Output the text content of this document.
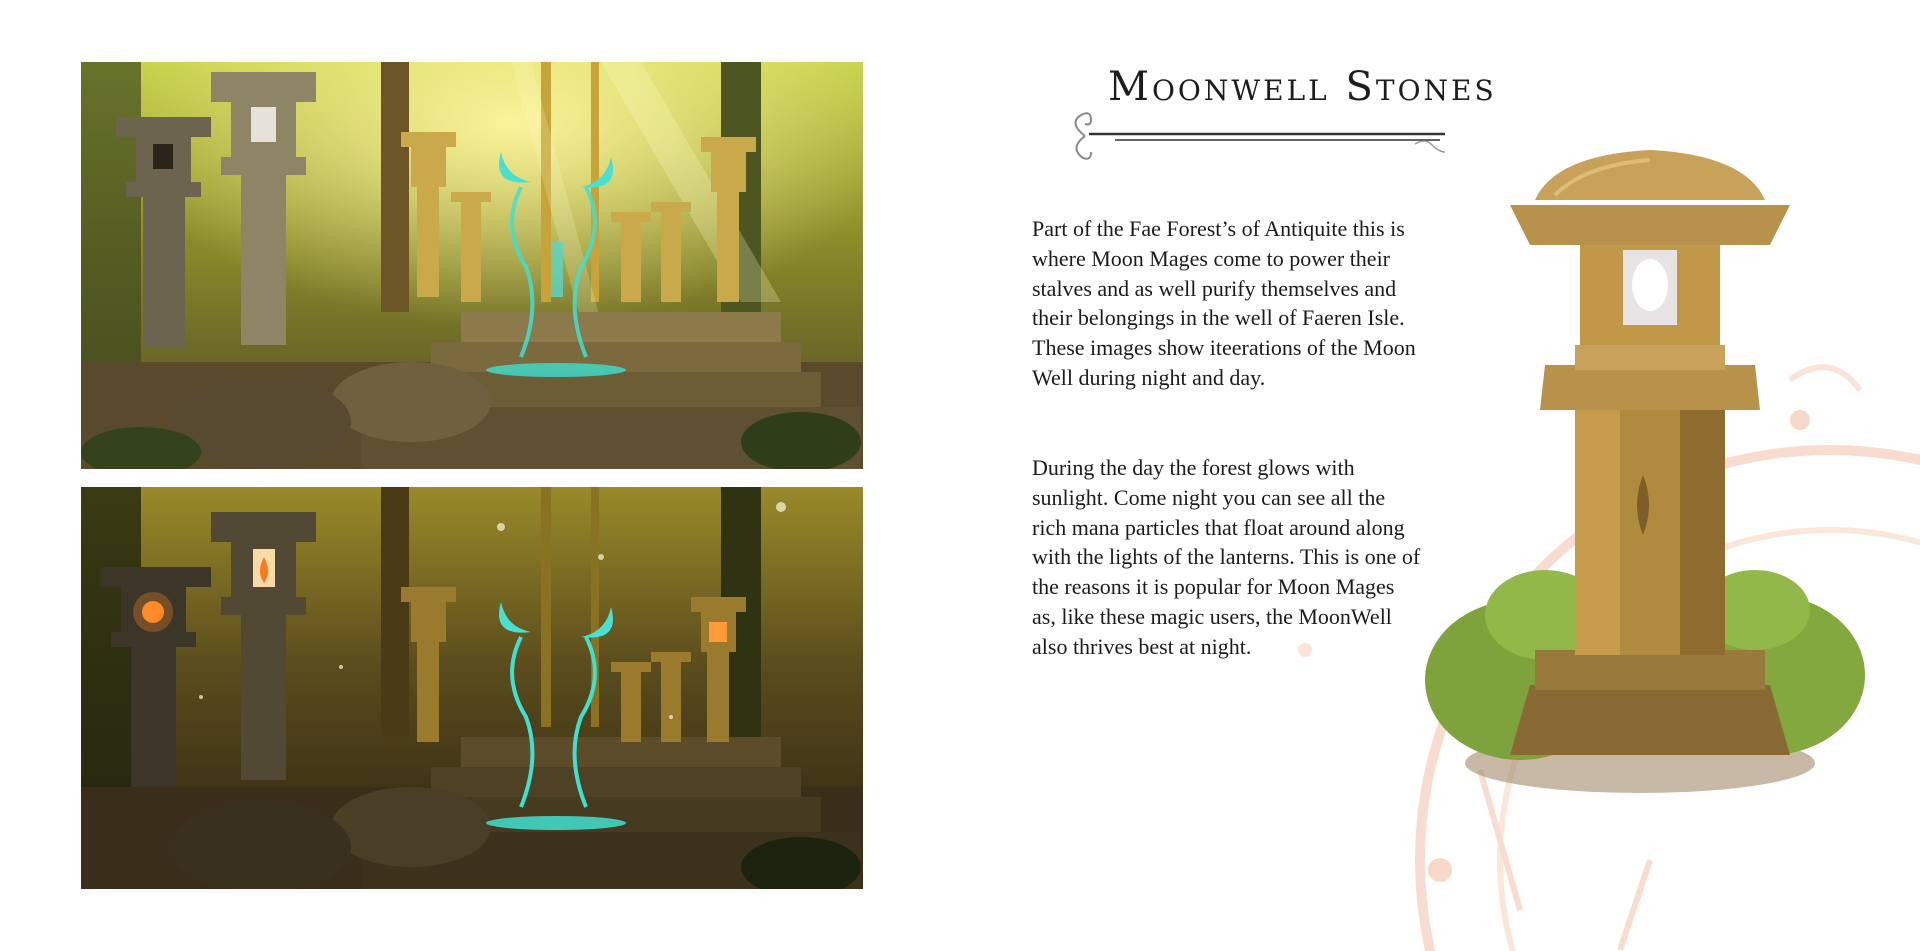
Moonwell Stones

Part of the Fae Forest’s of Antiquite this is where Moon Mages come to power their stalves and as well purify themselves and their belongings in the well of Faeren Isle. These images show iteerations of the Moon Well during night and day.

During the day the forest glows with sunlight. Come night you can see all the rich mana particles that float around along with the lights of the lanterns. This is one of the reasons it is popular for Moon Mages as, like these magic users, the MoonWell also thrives best at night.
